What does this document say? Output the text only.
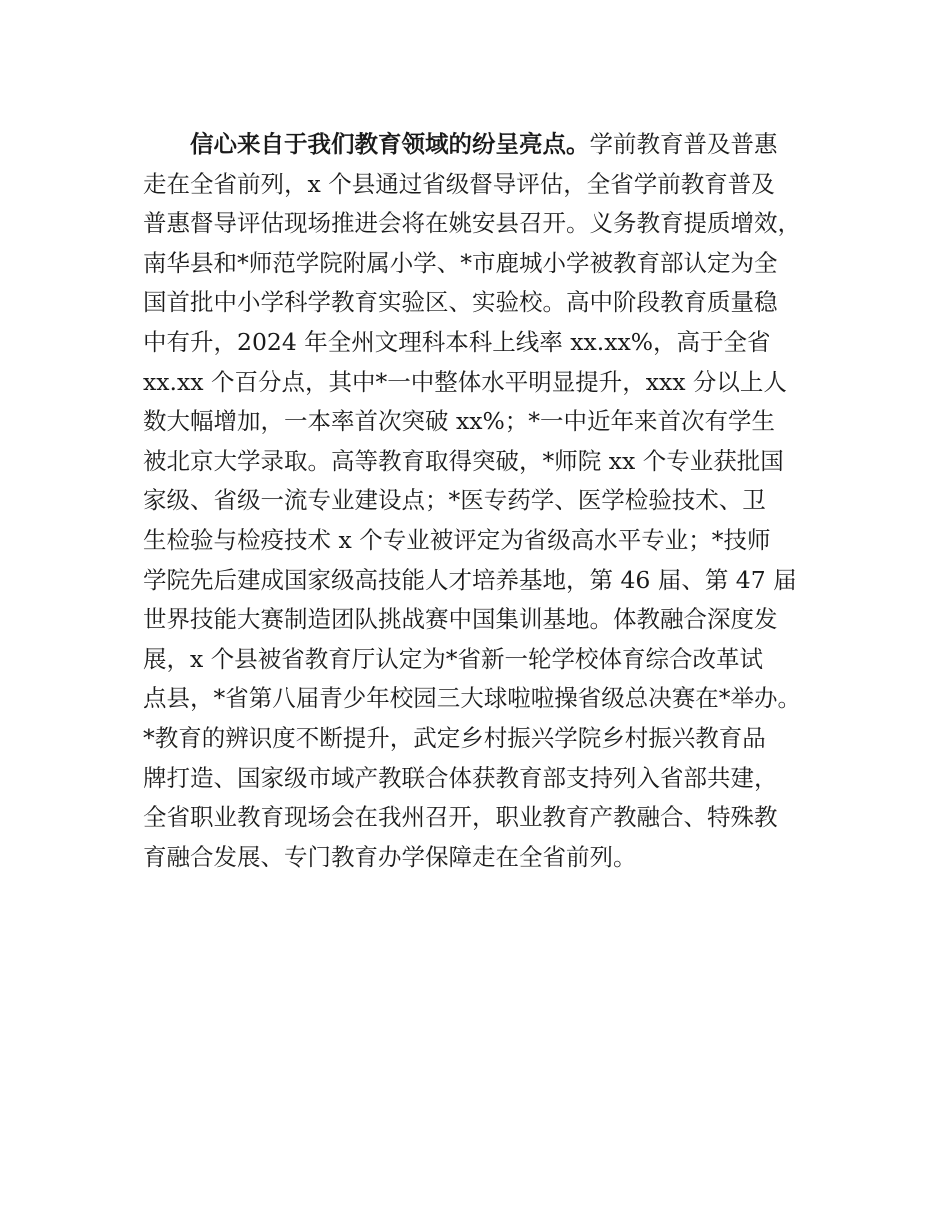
信心来自于我们教育领域的纷呈亮点。学前教育普及普惠
走在全省前列，x 个县通过省级督导评估，全省学前教育普及
普惠督导评估现场推进会将在姚安县召开。义务教育提质增效，
南华县和*师范学院附属小学、*市鹿城小学被教育部认定为全
国首批中小学科学教育实验区、实验校。高中阶段教育质量稳
中有升，2024 年全州文理科本科上线率 xx.xx%，高于全省
xx.xx 个百分点，其中*一中整体水平明显提升，xxx 分以上人
数大幅增加，一本率首次突破 xx%；*一中近年来首次有学生
被北京大学录取。高等教育取得突破，*师院 xx 个专业获批国
家级、省级一流专业建设点；*医专药学、医学检验技术、卫
生检验与检疫技术 x 个专业被评定为省级高水平专业；*技师
学院先后建成国家级高技能人才培养基地，第 46 届、第 47 届
世界技能大赛制造团队挑战赛中国集训基地。体教融合深度发
展，x 个县被省教育厅认定为*省新一轮学校体育综合改革试
点县，*省第八届青少年校园三大球啦啦操省级总决赛在*举办。
*教育的辨识度不断提升，武定乡村振兴学院乡村振兴教育品
牌打造、国家级市域产教联合体获教育部支持列入省部共建，
全省职业教育现场会在我州召开，职业教育产教融合、特殊教
育融合发展、专门教育办学保障走在全省前列。
